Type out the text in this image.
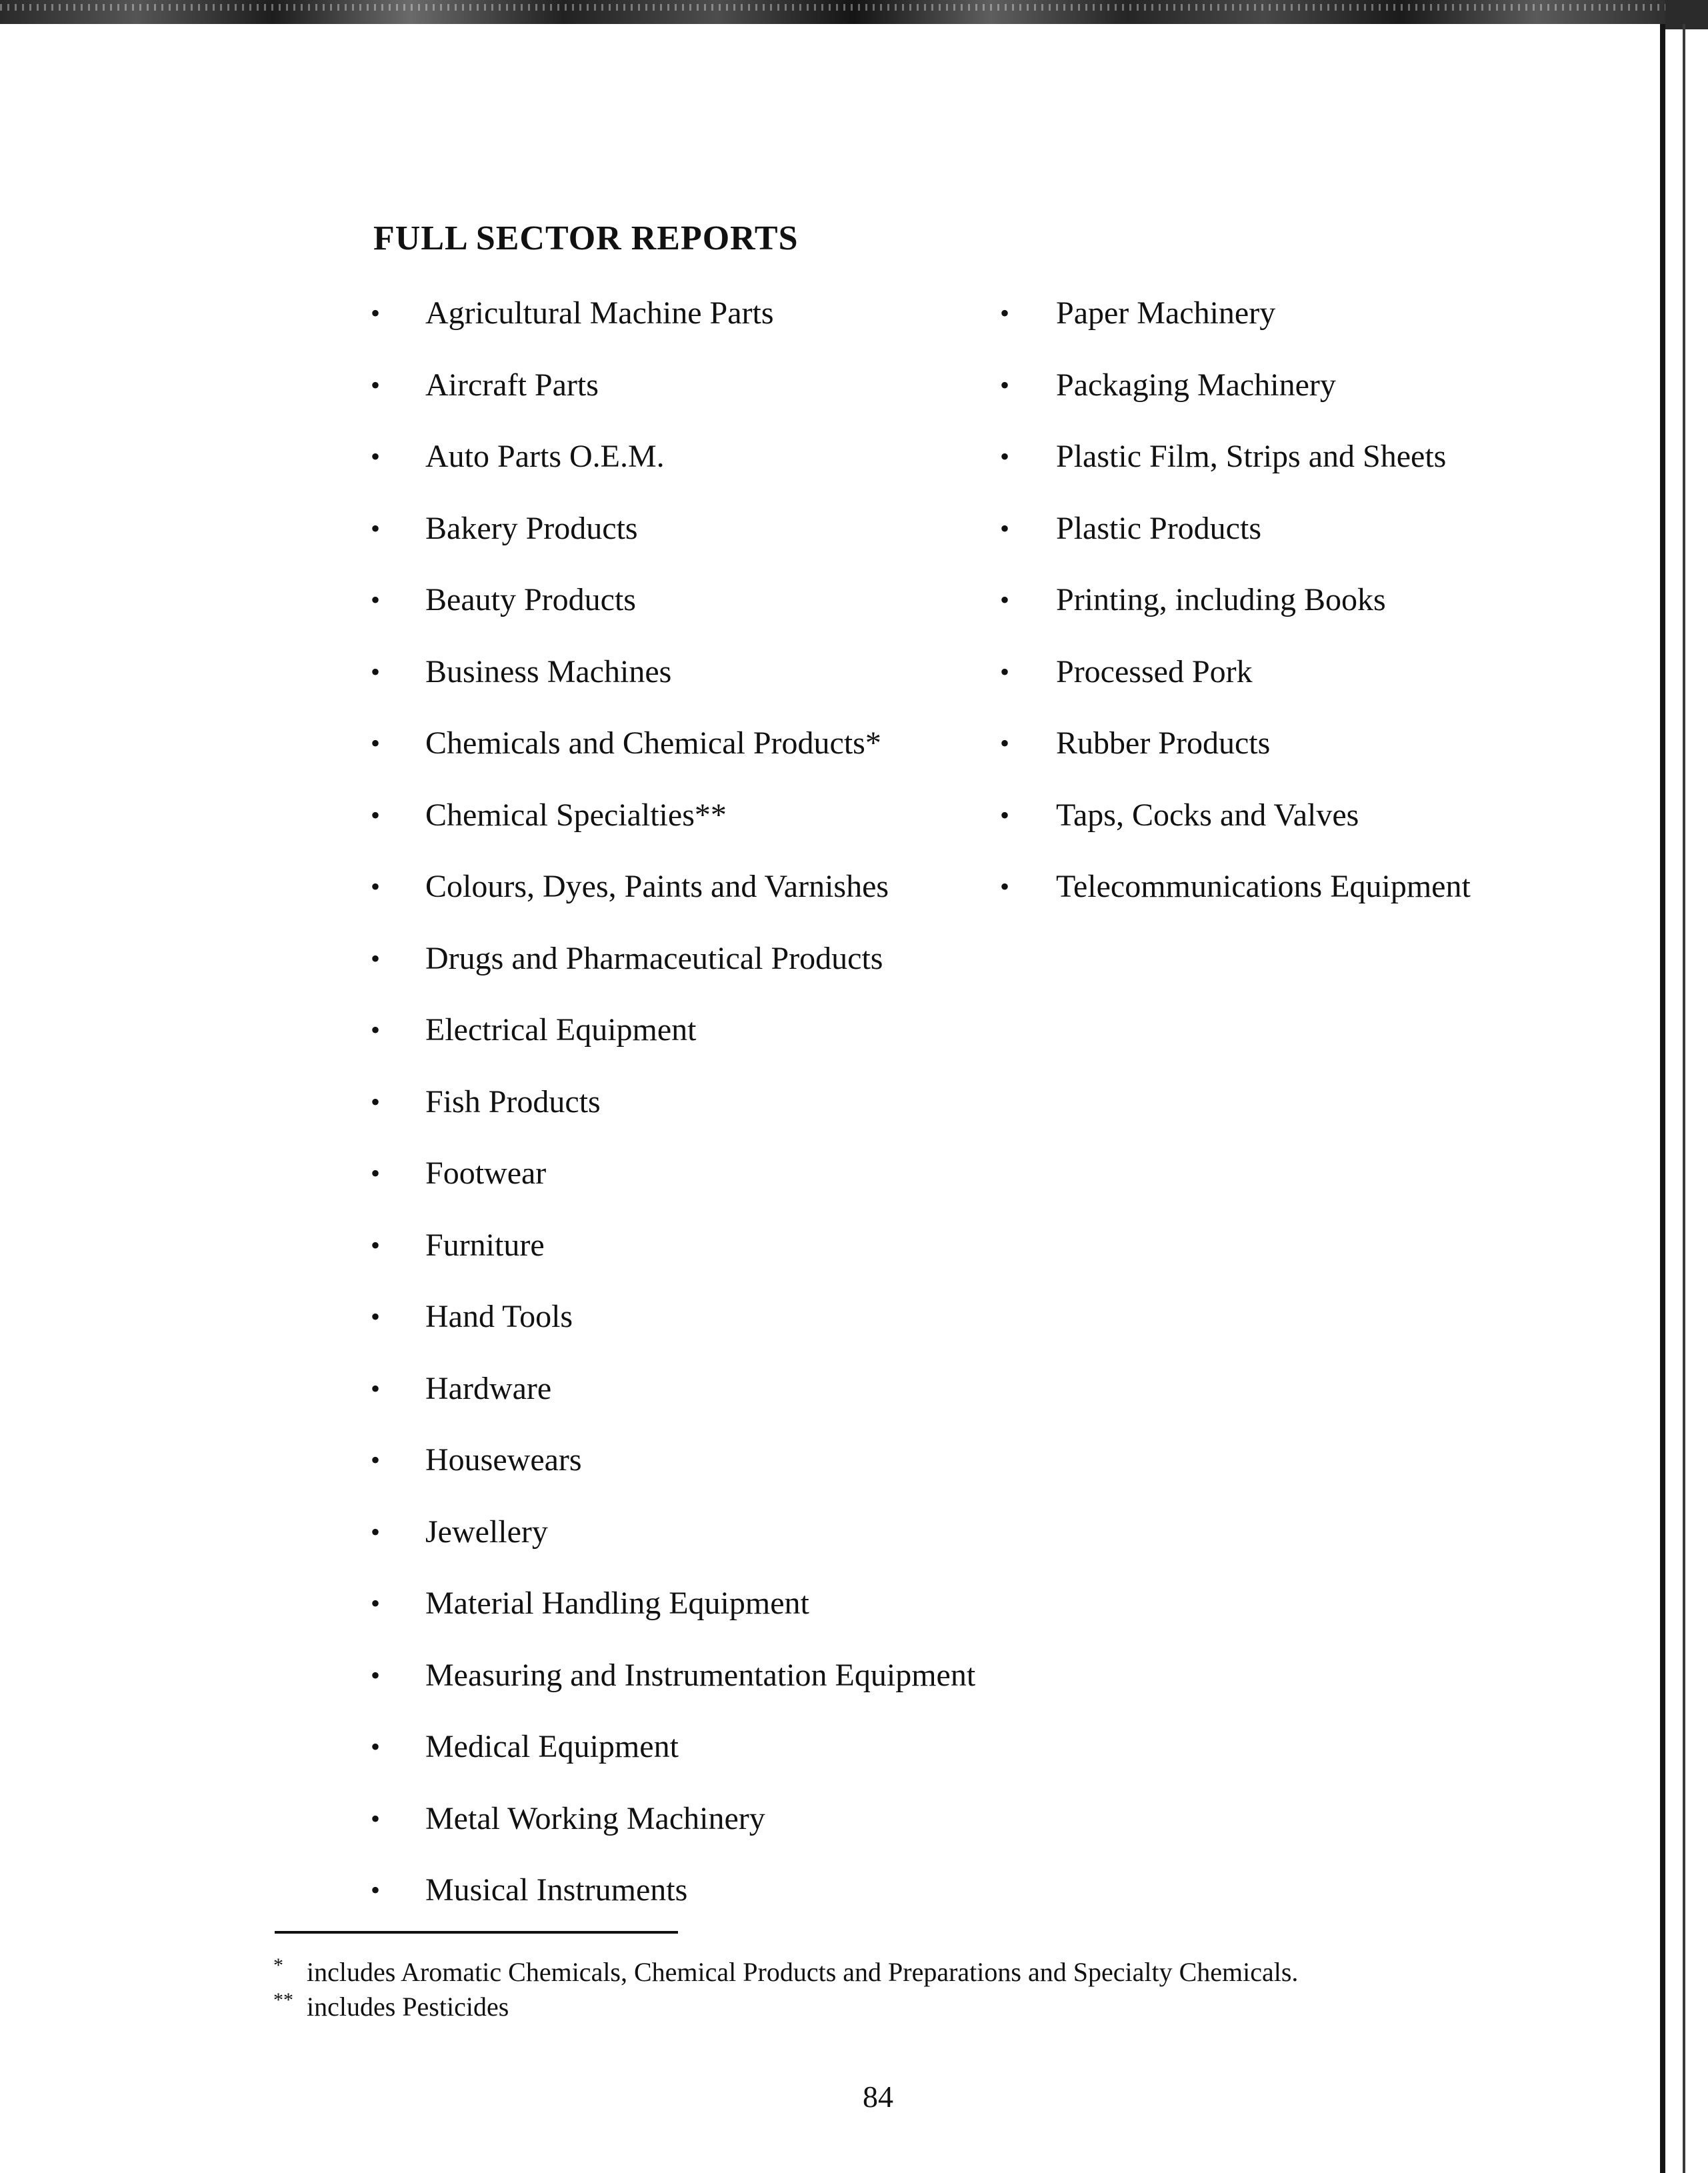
FULL SECTOR REPORTS
•	Agricultural Machine Parts
•	Aircraft Parts
•	Auto Parts O.E.M.
•	Bakery Products
•	Beauty Products
•	Business Machines
•	Chemicals and Chemical Products*
•	Chemical Specialties**
•	Colours, Dyes, Paints and Varnishes
•	Drugs and Pharmaceutical Products
•	Electrical Equipment
•	Fish Products
•	Footwear
•	Furniture
•	Hand Tools
•	Hardware
•	Housewears
•	Jewellery
•	Material Handling Equipment
•	Measuring and Instrumentation Equipment
•	Medical Equipment
•	Metal Working Machinery
•	Musical Instruments
•	Paper Machinery
•	Packaging Machinery
•	Plastic Film, Strips and Sheets
•	Plastic Products
•	Printing, including Books
•	Processed Pork
•	Rubber Products
•	Taps, Cocks and Valves
•	Telecommunications Equipment
* includes Aromatic Chemicals, Chemical Products and Preparations and Specialty Chemicals.
** includes Pesticides
84
